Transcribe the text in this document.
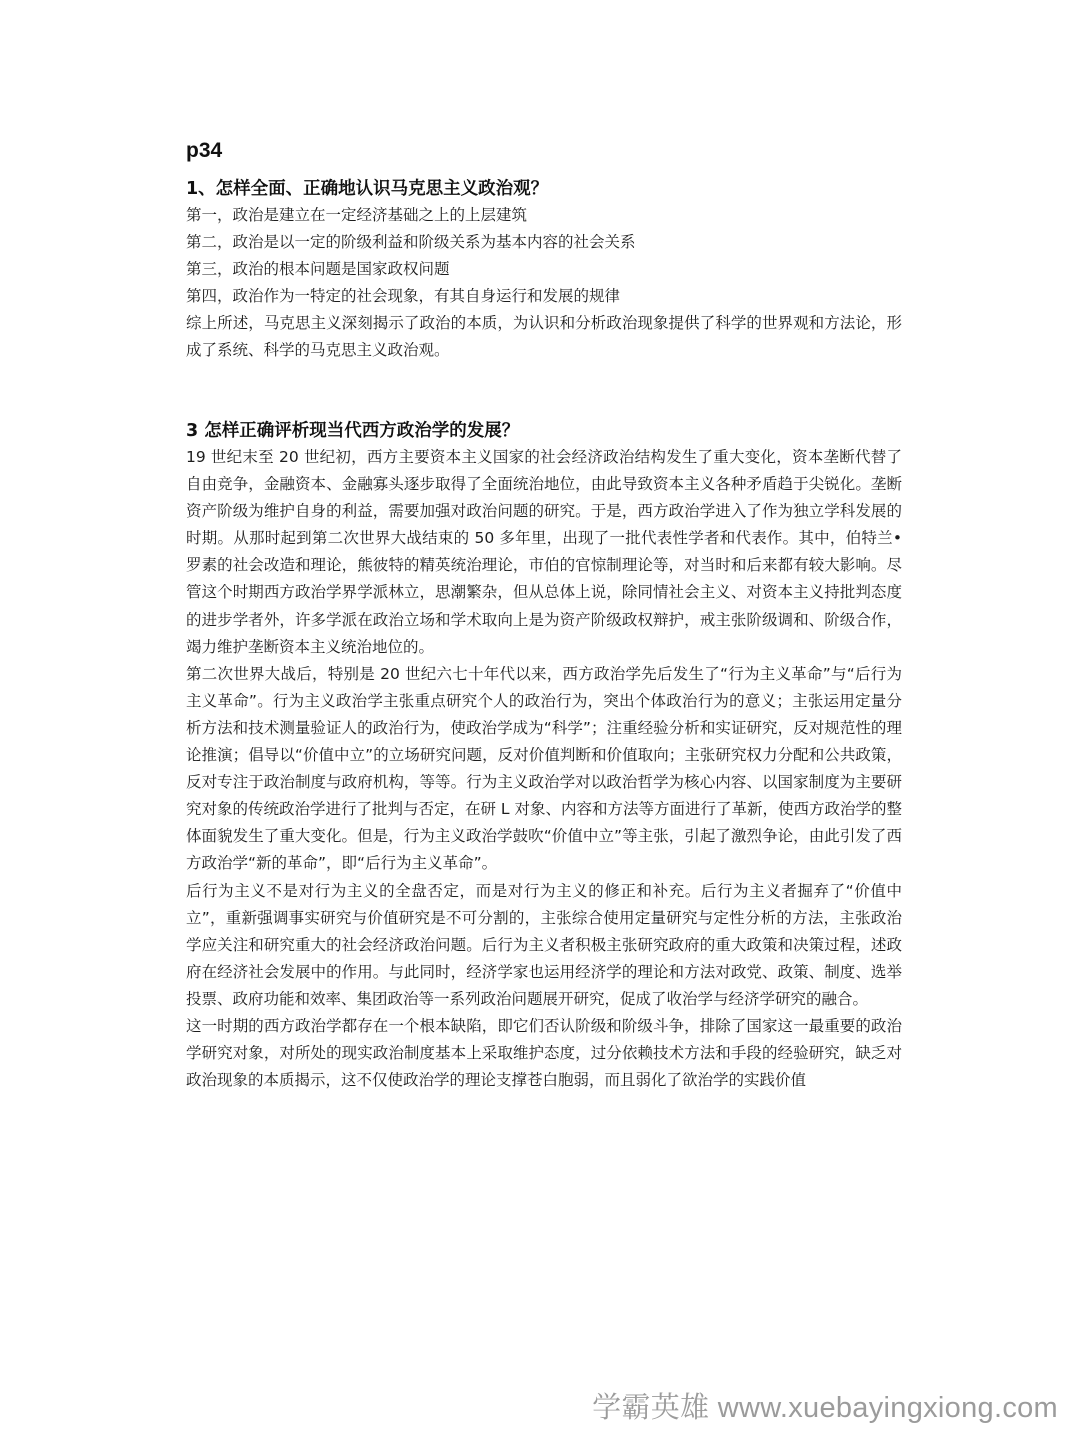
p34

1、怎样全面、正确地认识马克思主义政治观？

第一，政治是建立在一定经济基础之上的上层建筑

第二，政治是以一定的阶级利益和阶级关系为基本内容的社会关系

第三，政治的根本问题是国家政权问题

第四，政治作为一特定的社会现象，有其自身运行和发展的规律

综上所述，马克思主义深刻揭示了政治的本质，为认识和分析政治现象提供了科学的世界观和方法论，形成了系统、科学的马克思主义政治观。

3 怎样正确评析现当代西方政治学的发展？

19 世纪末至 20 世纪初，西方主要资本主义国家的社会经济政治结构发生了重大变化，资本垄断代替了自由竞争，金融资本、金融寡头逐步取得了全面统治地位，由此导致资本主义各种矛盾趋于尖锐化。垄断资产阶级为维护自身的利益，需要加强对政治问题的研究。于是，西方政治学进入了作为独立学科发展的时期。从那时起到第二次世界大战结束的 50 多年里，出现了一批代表性学者和代表作。其中，伯特兰•罗素的社会改造和理论，熊彼特的精英统治理论，市伯的官惊制理论等，对当时和后来都有较大影响。尽管这个时期西方政治学界学派林立，思潮繁杂，但从总体上说，除同情社会主义、对资本主义持批判态度的进步学者外，许多学派在政治立场和学术取向上是为资产阶级政权辩护，戒主张阶级调和、阶级合作，竭力维护垄断资本主义统治地位的。

第二次世界大战后，特别是 20 世纪六七十年代以来，西方政治学先后发生了“行为主义革命”与“后行为主义革命”。行为主义政治学主张重点研究个人的政治行为，突出个体政治行为的意义；主张运用定量分析方法和技术测量验证人的政治行为，使政治学成为“科学”；注重经验分析和实证研究，反对规范性的理论推演；倡导以“价值中立”的立场研究问题，反对价值判断和价值取向；主张研究权力分配和公共政策，反对专注于政治制度与政府机构，等等。行为主义政治学对以政治哲学为核心内容、以国家制度为主要研究对象的传统政治学进行了批判与否定，在研 L 对象、内容和方法等方面进行了革新，使西方政治学的整体面貌发生了重大变化。但是，行为主义政治学鼓吹“价值中立”等主张，引起了激烈争论，由此引发了西方政治学“新的革命”，即“后行为主义革命”。

后行为主义不是对行为主义的全盘否定，而是对行为主义的修正和补充。后行为主义者掘弃了“价值中立”，重新强调事实研究与价值研究是不可分割的，主张综合使用定量研究与定性分析的方法，主张政治学应关注和研究重大的社会经济政治问题。后行为主义者积极主张研究政府的重大政策和决策过程，述政府在经济社会发展中的作用。与此同时，经济学家也运用经济学的理论和方法对政党、政策、制度、选举投票、政府功能和效率、集团政治等一系列政治问题展开研究，促成了收治学与经济学研究的融合。

这一时期的西方政治学都存在一个根本缺陷，即它们否认阶级和阶级斗争，排除了国家这一最重要的政治学研究对象，对所处的现实政治制度基本上采取维护态度，过分依赖技术方法和手段的经验研究，缺乏对政治现象的本质揭示，这不仅使政治学的理论支撑苍白胞弱，而且弱化了欲治学的实践价值

学霸英雄 www.xuebayingxiong.com
